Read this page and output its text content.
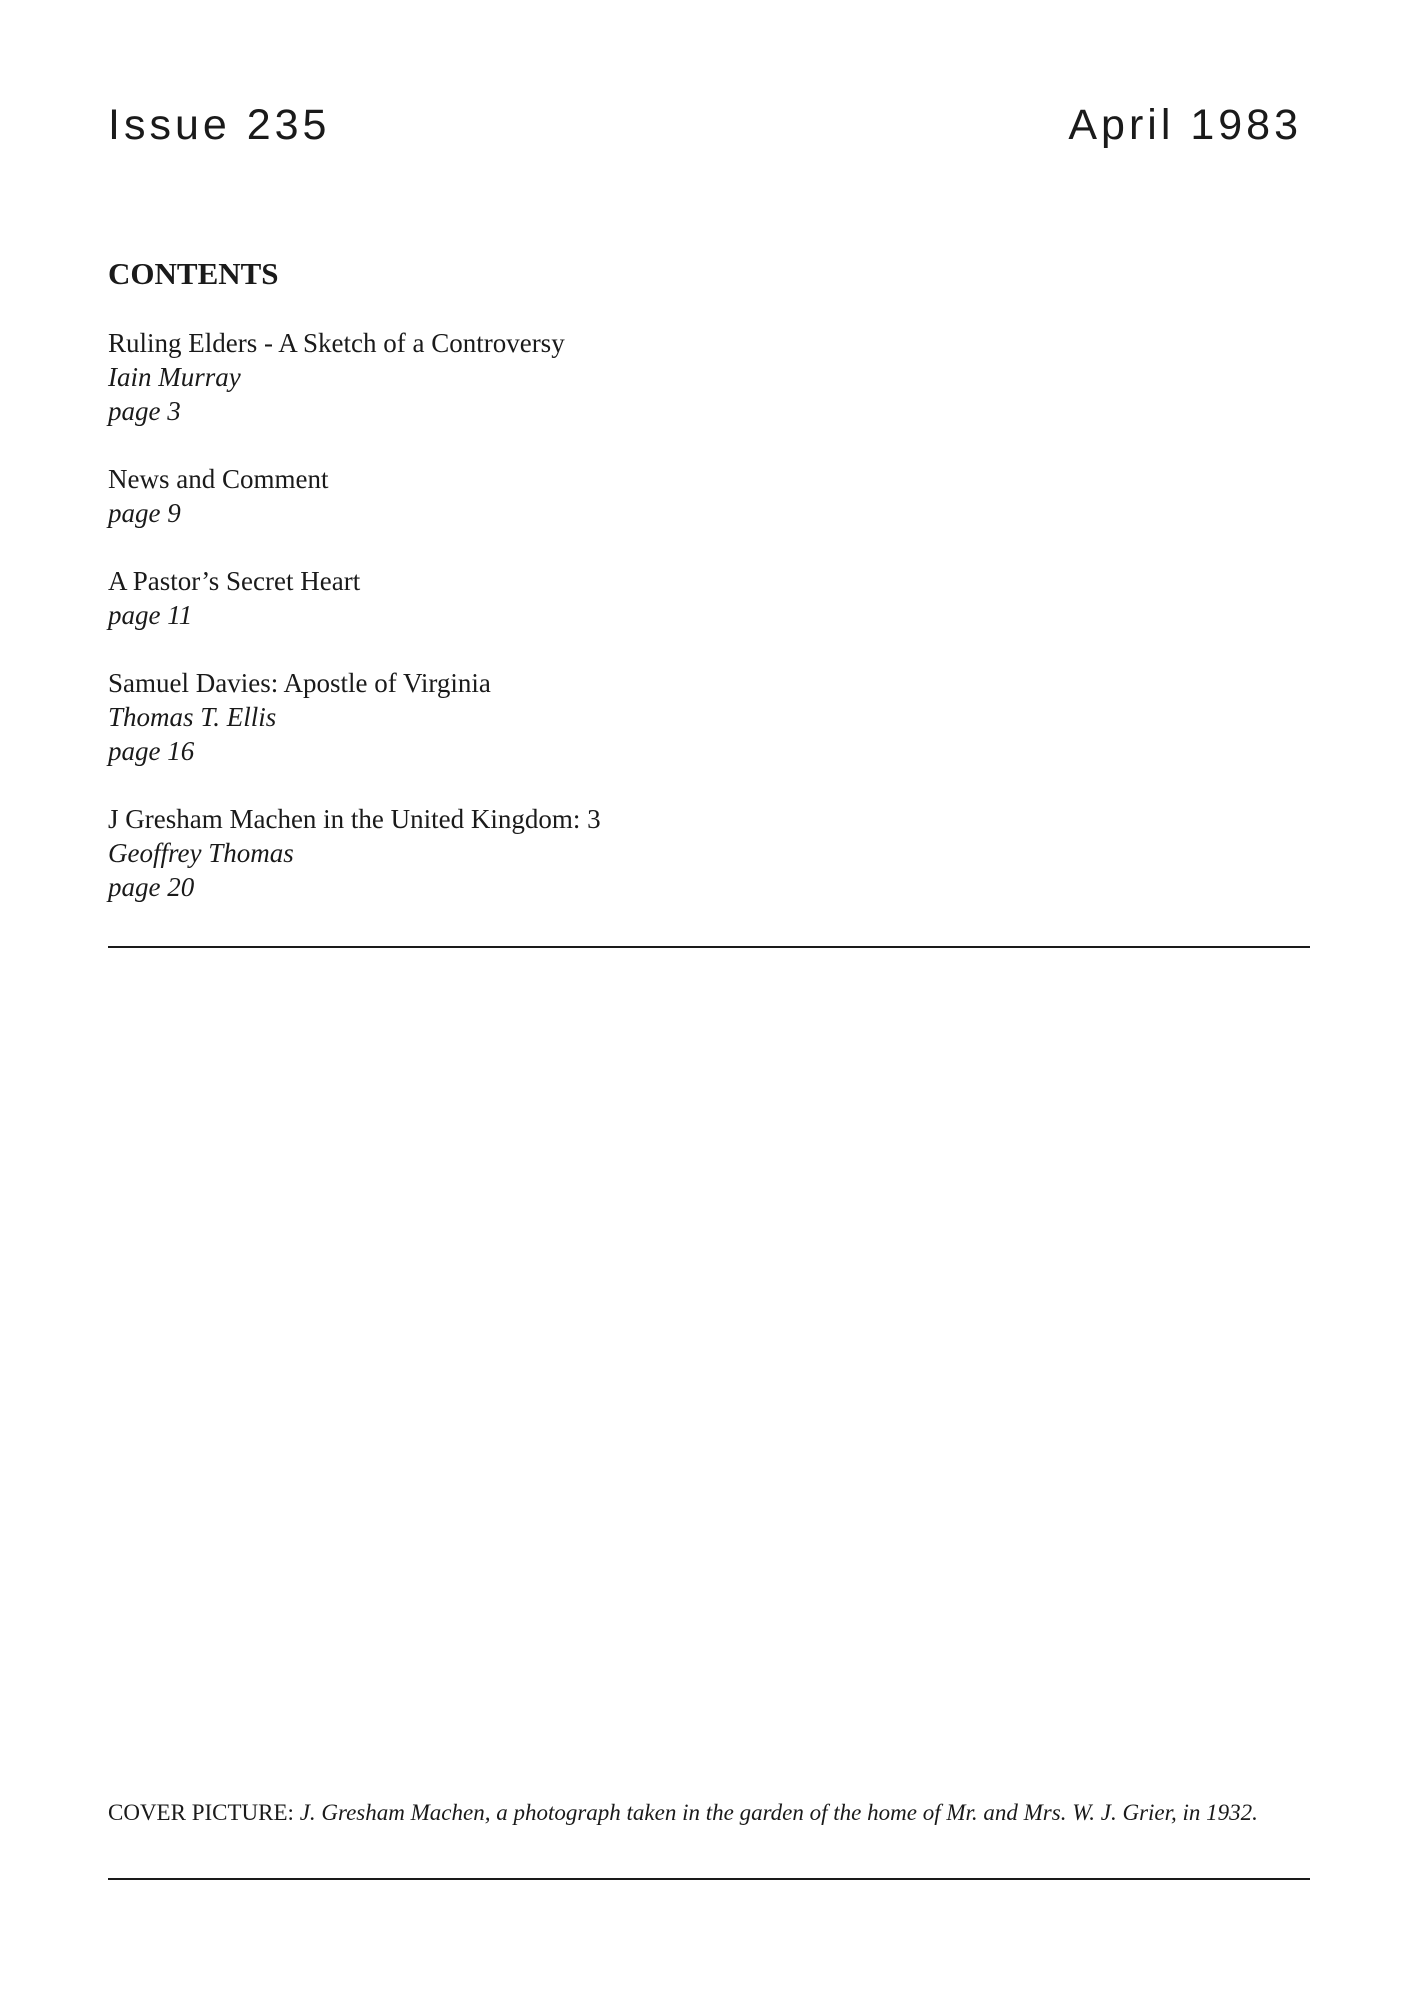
Issue 235	April 1983
CONTENTS
Ruling Elders - A Sketch of a Controversy
Iain Murray
page 3
News and Comment
page 9
A Pastor’s Secret Heart
page 11
Samuel Davies: Apostle of Virginia
Thomas T. Ellis
page 16
J Gresham Machen in the United Kingdom: 3
Geoffrey Thomas
page 20
COVER PICTURE: J. Gresham Machen, a photograph taken in the garden of the home of Mr. and Mrs. W. J. Grier, in 1932.
